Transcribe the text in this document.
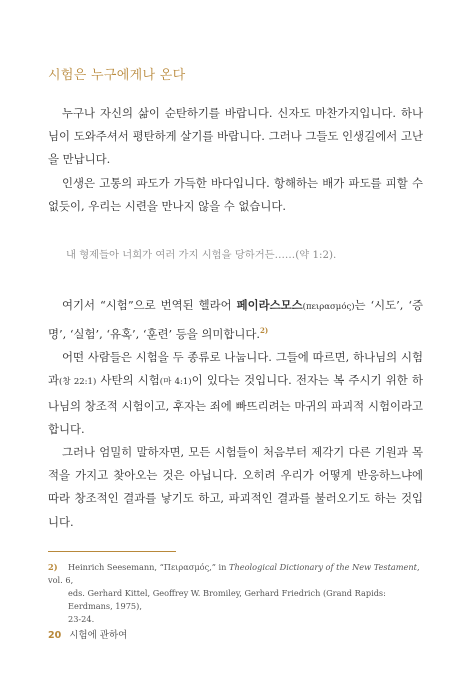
시험은 누구에게나 온다

누구나 자신의 삶이 순탄하기를 바랍니다. 신자도 마찬가지입니다. 하나님이 도와주셔서 평탄하게 살기를 바랍니다. 그러나 그들도 인생길에서 고난을 만납니다.

인생은 고통의 파도가 가득한 바다입니다. 항해하는 배가 파도를 피할 수 없듯이, 우리는 시련을 만나지 않을 수 없습니다.

내 형제들아 너희가 여러 가지 시험을 당하거든……(약 1:2).

여기서 “시험”으로 번역된 헬라어 페이라스모스(πειρασμός)는 ‘시도’, ‘증명’, ‘실험’, ‘유혹’, ‘훈련’ 등을 의미합니다.$^{2)}$

어떤 사람들은 시험을 두 종류로 나눕니다. 그들에 따르면, 하나님의 시험과(창 22:1) 사탄의 시험(마 4:1)이 있다는 것입니다. 전자는 복 주시기 위한 하나님의 창조적 시험이고, 후자는 죄에 빠뜨리려는 마귀의 파괴적 시험이라고 합니다.

그러나 엄밀히 말하자면, 모든 시험들이 처음부터 제각기 다른 기원과 목적을 가지고 찾아오는 것은 아닙니다. 오히려 우리가 어떻게 반응하느냐에 따라 창조적인 결과를 낳기도 하고, 파괴적인 결과를 불러오기도 하는 것입니다.

2) Heinrich Seesemann, “Πειρασμός,” in Theological Dictionary of the New Testament, vol. 6,
eds. Gerhard Kittel, Geoffrey W. Bromiley, Gerhard Friedrich (Grand Rapids: Eerdmans, 1975),
23-24.
20 시험에 관하여
